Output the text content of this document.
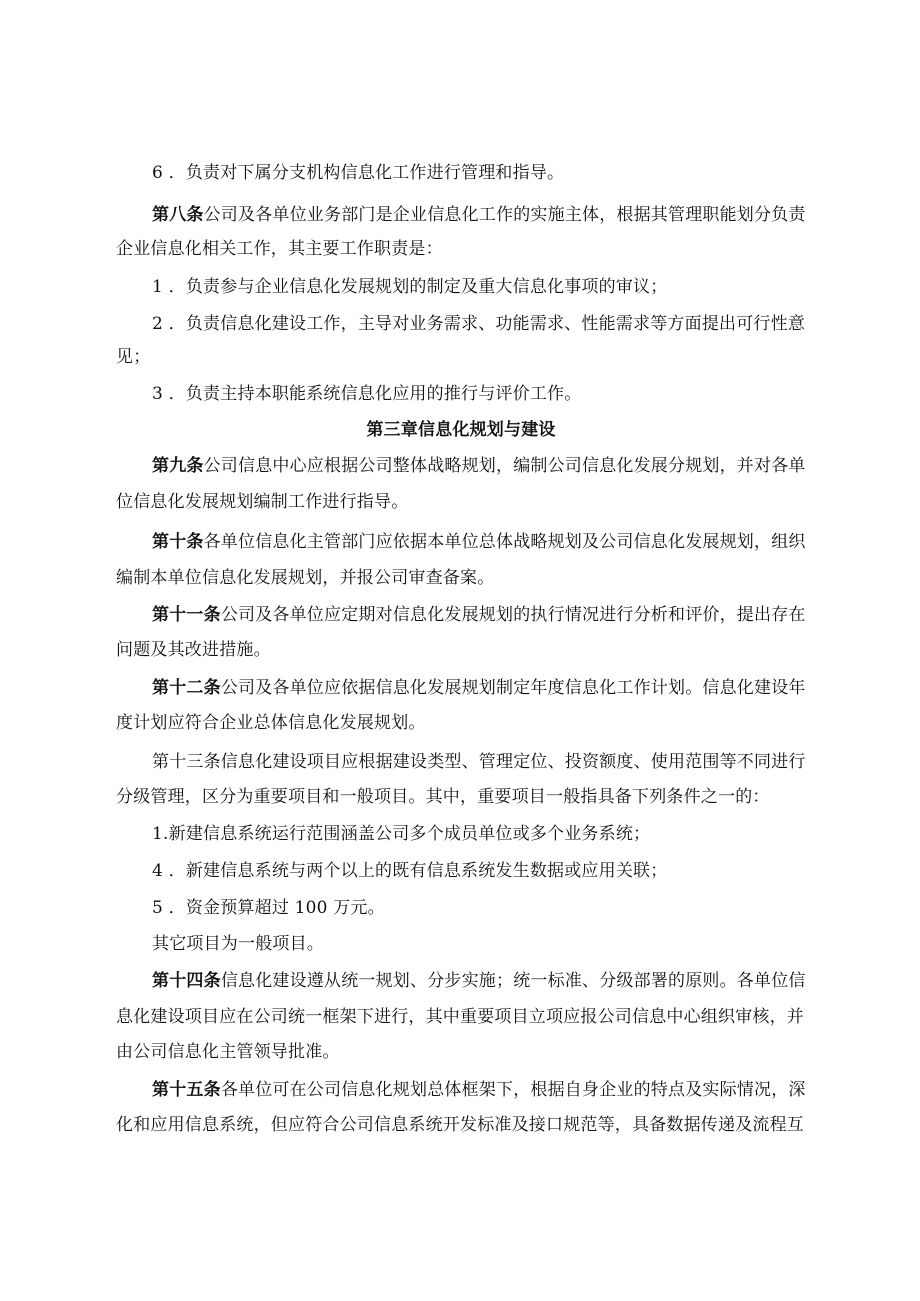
6 ．负责对下属分支机构信息化工作进行管理和指导。
第八条公司及各单位业务部门是企业信息化工作的实施主体，根据其管理职能划分负责
企业信息化相关工作，其主要工作职责是：
1 ．负责参与企业信息化发展规划的制定及重大信息化事项的审议；
2 ．负责信息化建设工作，主导对业务需求、功能需求、性能需求等方面提出可行性意
见；
3 ．负责主持本职能系统信息化应用的推行与评价工作。
第三章信息化规划与建设
第九条公司信息中心应根据公司整体战略规划，编制公司信息化发展分规划，并对各单
位信息化发展规划编制工作进行指导。
第十条各单位信息化主管部门应依据本单位总体战略规划及公司信息化发展规划，组织
编制本单位信息化发展规划，并报公司审查备案。
第十一条公司及各单位应定期对信息化发展规划的执行情况进行分析和评价，提出存在
问题及其改进措施。
第十二条公司及各单位应依据信息化发展规划制定年度信息化工作计划。信息化建设年
度计划应符合企业总体信息化发展规划。
第十三条信息化建设项目应根据建设类型、管理定位、投资额度、使用范围等不同进行
分级管理，区分为重要项目和一般项目。其中，重要项目一般指具备下列条件之一的：
1.新建信息系统运行范围涵盖公司多个成员单位或多个业务系统；
4 ．新建信息系统与两个以上的既有信息系统发生数据或应用关联；
5 ．资金预算超过 100 万元。
其它项目为一般项目。
第十四条信息化建设遵从统一规划、分步实施；统一标准、分级部署的原则。各单位信
息化建设项目应在公司统一框架下进行，其中重要项目立项应报公司信息中心组织审核，并
由公司信息化主管领导批准。
第十五条各单位可在公司信息化规划总体框架下，根据自身企业的特点及实际情况，深
化和应用信息系统，但应符合公司信息系统开发标准及接口规范等，具备数据传递及流程互
